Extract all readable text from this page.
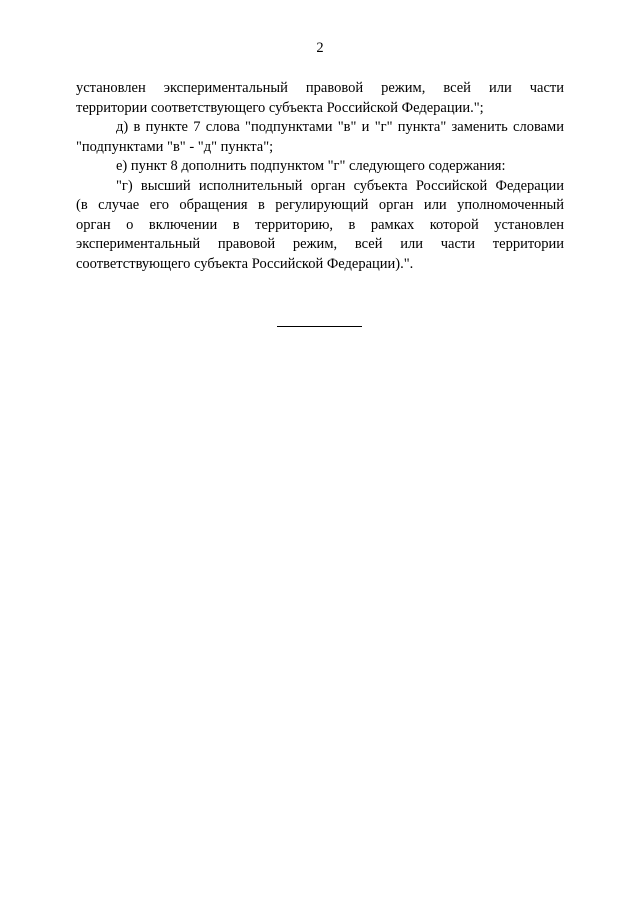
2
установлен экспериментальный правовой режим, всей или части
территории соответствующего субъекта Российской Федерации.";
д) в пункте 7 слова "подпунктами "в" и "г" пункта" заменить словами
"подпунктами "в" - "д" пункта";
е) пункт 8 дополнить подпунктом "г" следующего содержания:
"г) высший исполнительный орган субъекта Российской Федерации
(в случае его обращения в регулирующий орган или уполномоченный
орган о включении в территорию, в рамках которой установлен
экспериментальный правовой режим, всей или части территории
соответствующего субъекта Российской Федерации).".
